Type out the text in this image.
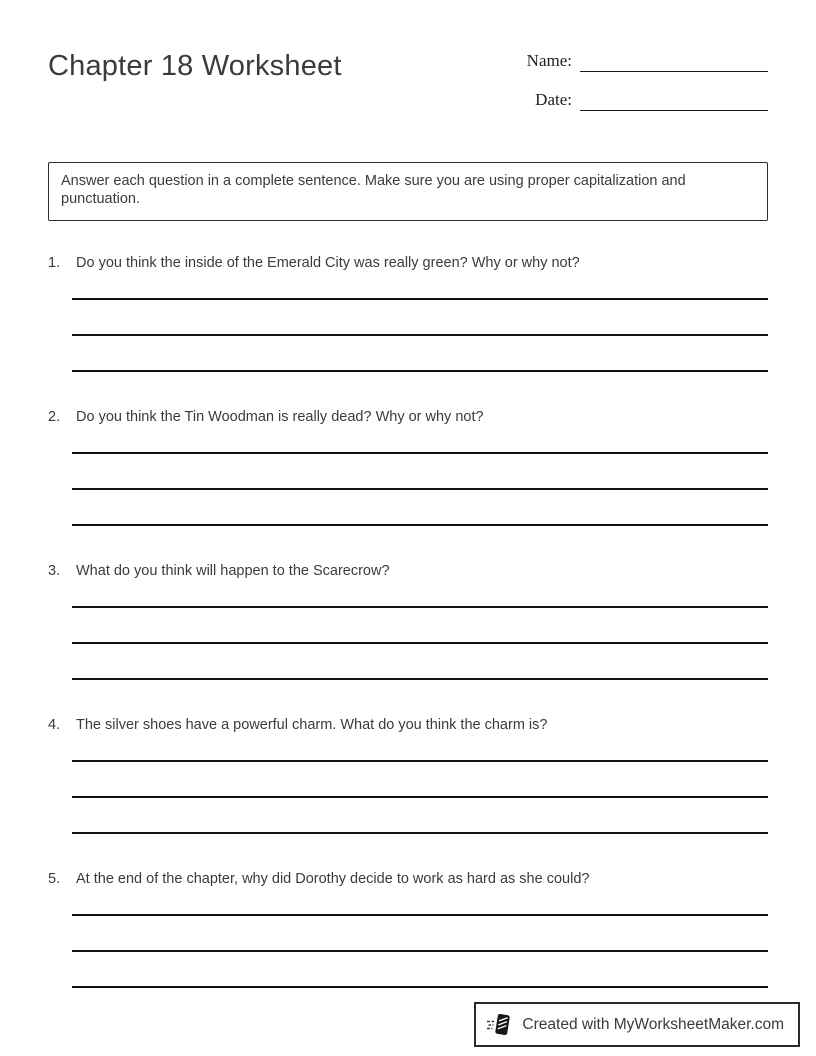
Chapter 18 Worksheet	Name:
Date:

Answer each question in a complete sentence. Make sure you are using proper capitalization and punctuation.

1.	Do you think the inside of the Emerald City was really green? Why or why not?
2.	Do you think the Tin Woodman is really dead? Why or why not?
3.	What do you think will happen to the Scarecrow?
4.	The silver shoes have a powerful charm. What do you think the charm is?
5.	At the end of the chapter, why did Dorothy decide to work as hard as she could?
Created with MyWorksheetMaker.com
